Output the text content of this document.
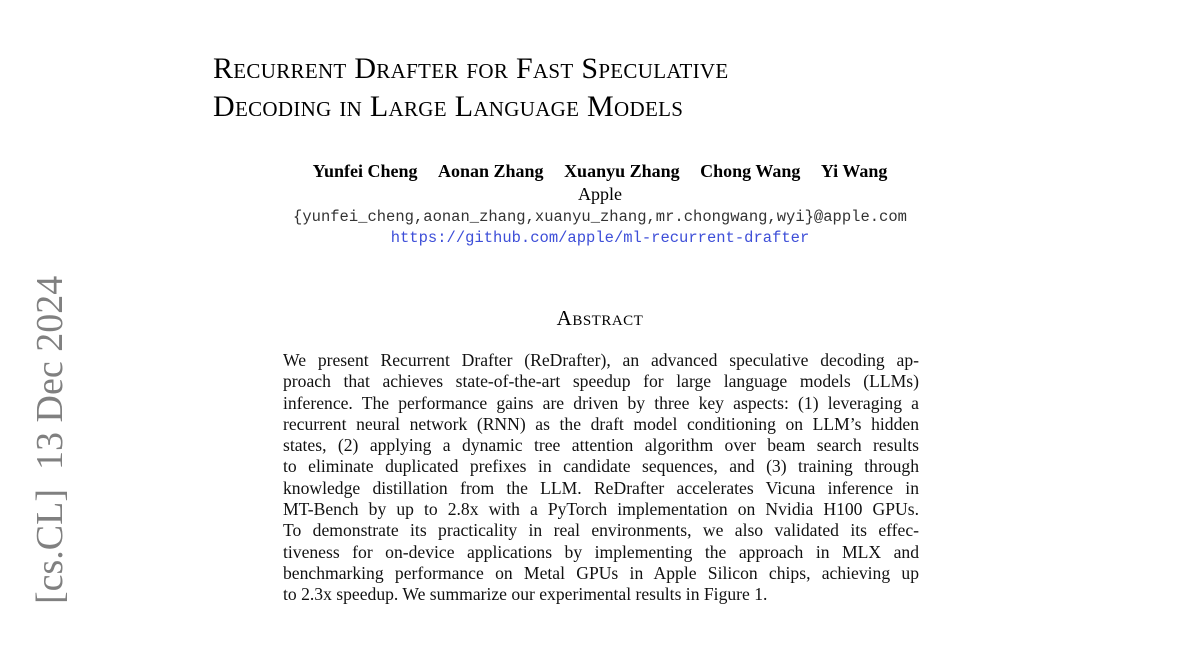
[cs.CL]  13 Dec 2024
Recurrent Drafter for Fast Speculative
Decoding in Large Language Models
Yunfei Cheng Aonan Zhang Xuanyu Zhang Chong Wang Yi Wang
Apple
{yunfei_cheng,aonan_zhang,xuanyu_zhang,mr.chongwang,wyi}@apple.com
https://github.com/apple/ml-recurrent-drafter
Abstract
We present Recurrent Drafter (ReDrafter), an advanced speculative decoding ap-
proach that achieves state-of-the-art speedup for large language models (LLMs)
inference. The performance gains are driven by three key aspects: (1) leveraging a
recurrent neural network (RNN) as the draft model conditioning on LLM’s hidden
states, (2) applying a dynamic tree attention algorithm over beam search results
to eliminate duplicated prefixes in candidate sequences, and (3) training through
knowledge distillation from the LLM. ReDrafter accelerates Vicuna inference in
MT-Bench by up to 2.8x with a PyTorch implementation on Nvidia H100 GPUs.
To demonstrate its practicality in real environments, we also validated its effec-
tiveness for on-device applications by implementing the approach in MLX and
benchmarking performance on Metal GPUs in Apple Silicon chips, achieving up
to 2.3x speedup. We summarize our experimental results in Figure 1.
